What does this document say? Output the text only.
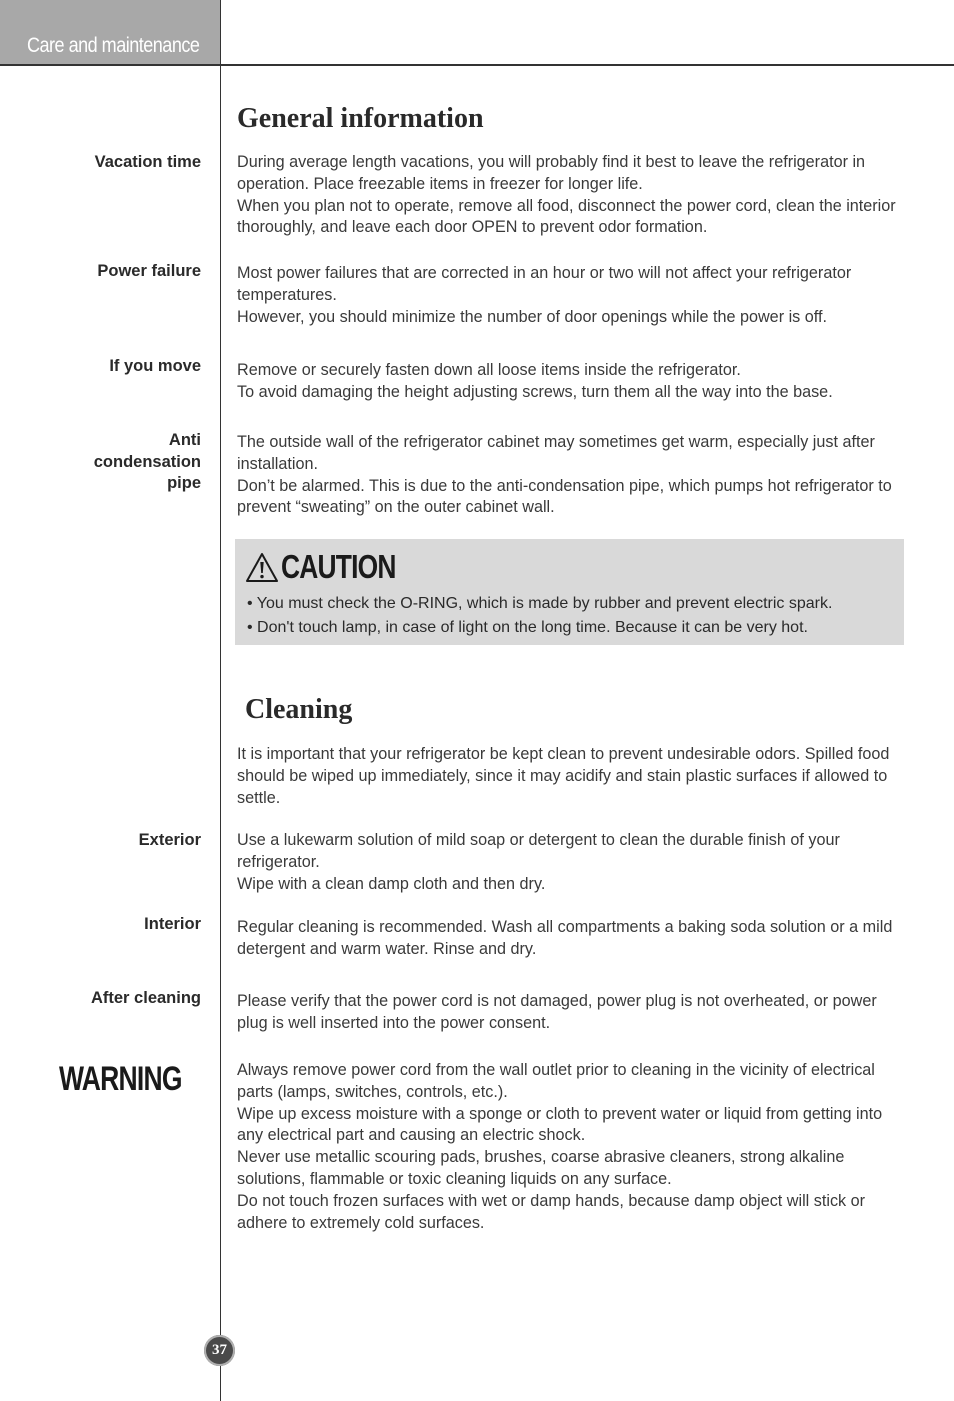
Care and maintenance
General information
Vacation time During average length vacations, you will probably find it best to leave the refrigerator in operation. Place freezable items in freezer for longer life.

When you plan not to operate, remove all food, disconnect the power cord, clean the interior thoroughly, and leave each door OPEN to prevent odor formation.

Power failure Most power failures that are corrected in an hour or two will not affect your refrigerator temperatures.

However, you should minimize the number of door openings while the power is off.

If you move Remove or securely fasten down all loose items inside the refrigerator.

To avoid damaging the height adjusting screws, turn them all the way into the base.

Anti
condensation
pipe

The outside wall of the refrigerator cabinet may sometimes get warm, especially just after installation.

Don’t be alarmed. This is due to the anti-condensation pipe, which pumps hot refrigerator to prevent “sweating” on the outer cabinet wall.

CAUTION
• You must check the O-RING, which is made by rubber and prevent electric spark.
• Don't touch lamp, in case of light on the long time. Because it can be very hot.
Cleaning
It is important that your refrigerator be kept clean to prevent undesirable odors. Spilled food should be wiped up immediately, since it may acidify and stain plastic surfaces if allowed to settle.
Exterior Use a lukewarm solution of mild soap or detergent to clean the durable finish of your refrigerator.

Wipe with a clean damp cloth and then dry.

Interior Regular cleaning is recommended. Wash all compartments a baking soda solution or a mild detergent and warm water. Rinse and dry.
After cleaning Please verify that the power cord is not damaged, power plug is not overheated, or power plug is well inserted into the power consent.
WARNING	Always remove power cord from the wall outlet prior to cleaning in the vicinity of electrical parts (lamps, switches, controls, etc.).

Wipe up excess moisture with a sponge or cloth to prevent water or liquid from getting into any electrical part and causing an electric shock.

Never use metallic scouring pads, brushes, coarse abrasive cleaners, strong alkaline solutions, flammable or toxic cleaning liquids on any surface.

Do not touch frozen surfaces with wet or damp hands, because damp object will stick or adhere to extremely cold surfaces.

37
